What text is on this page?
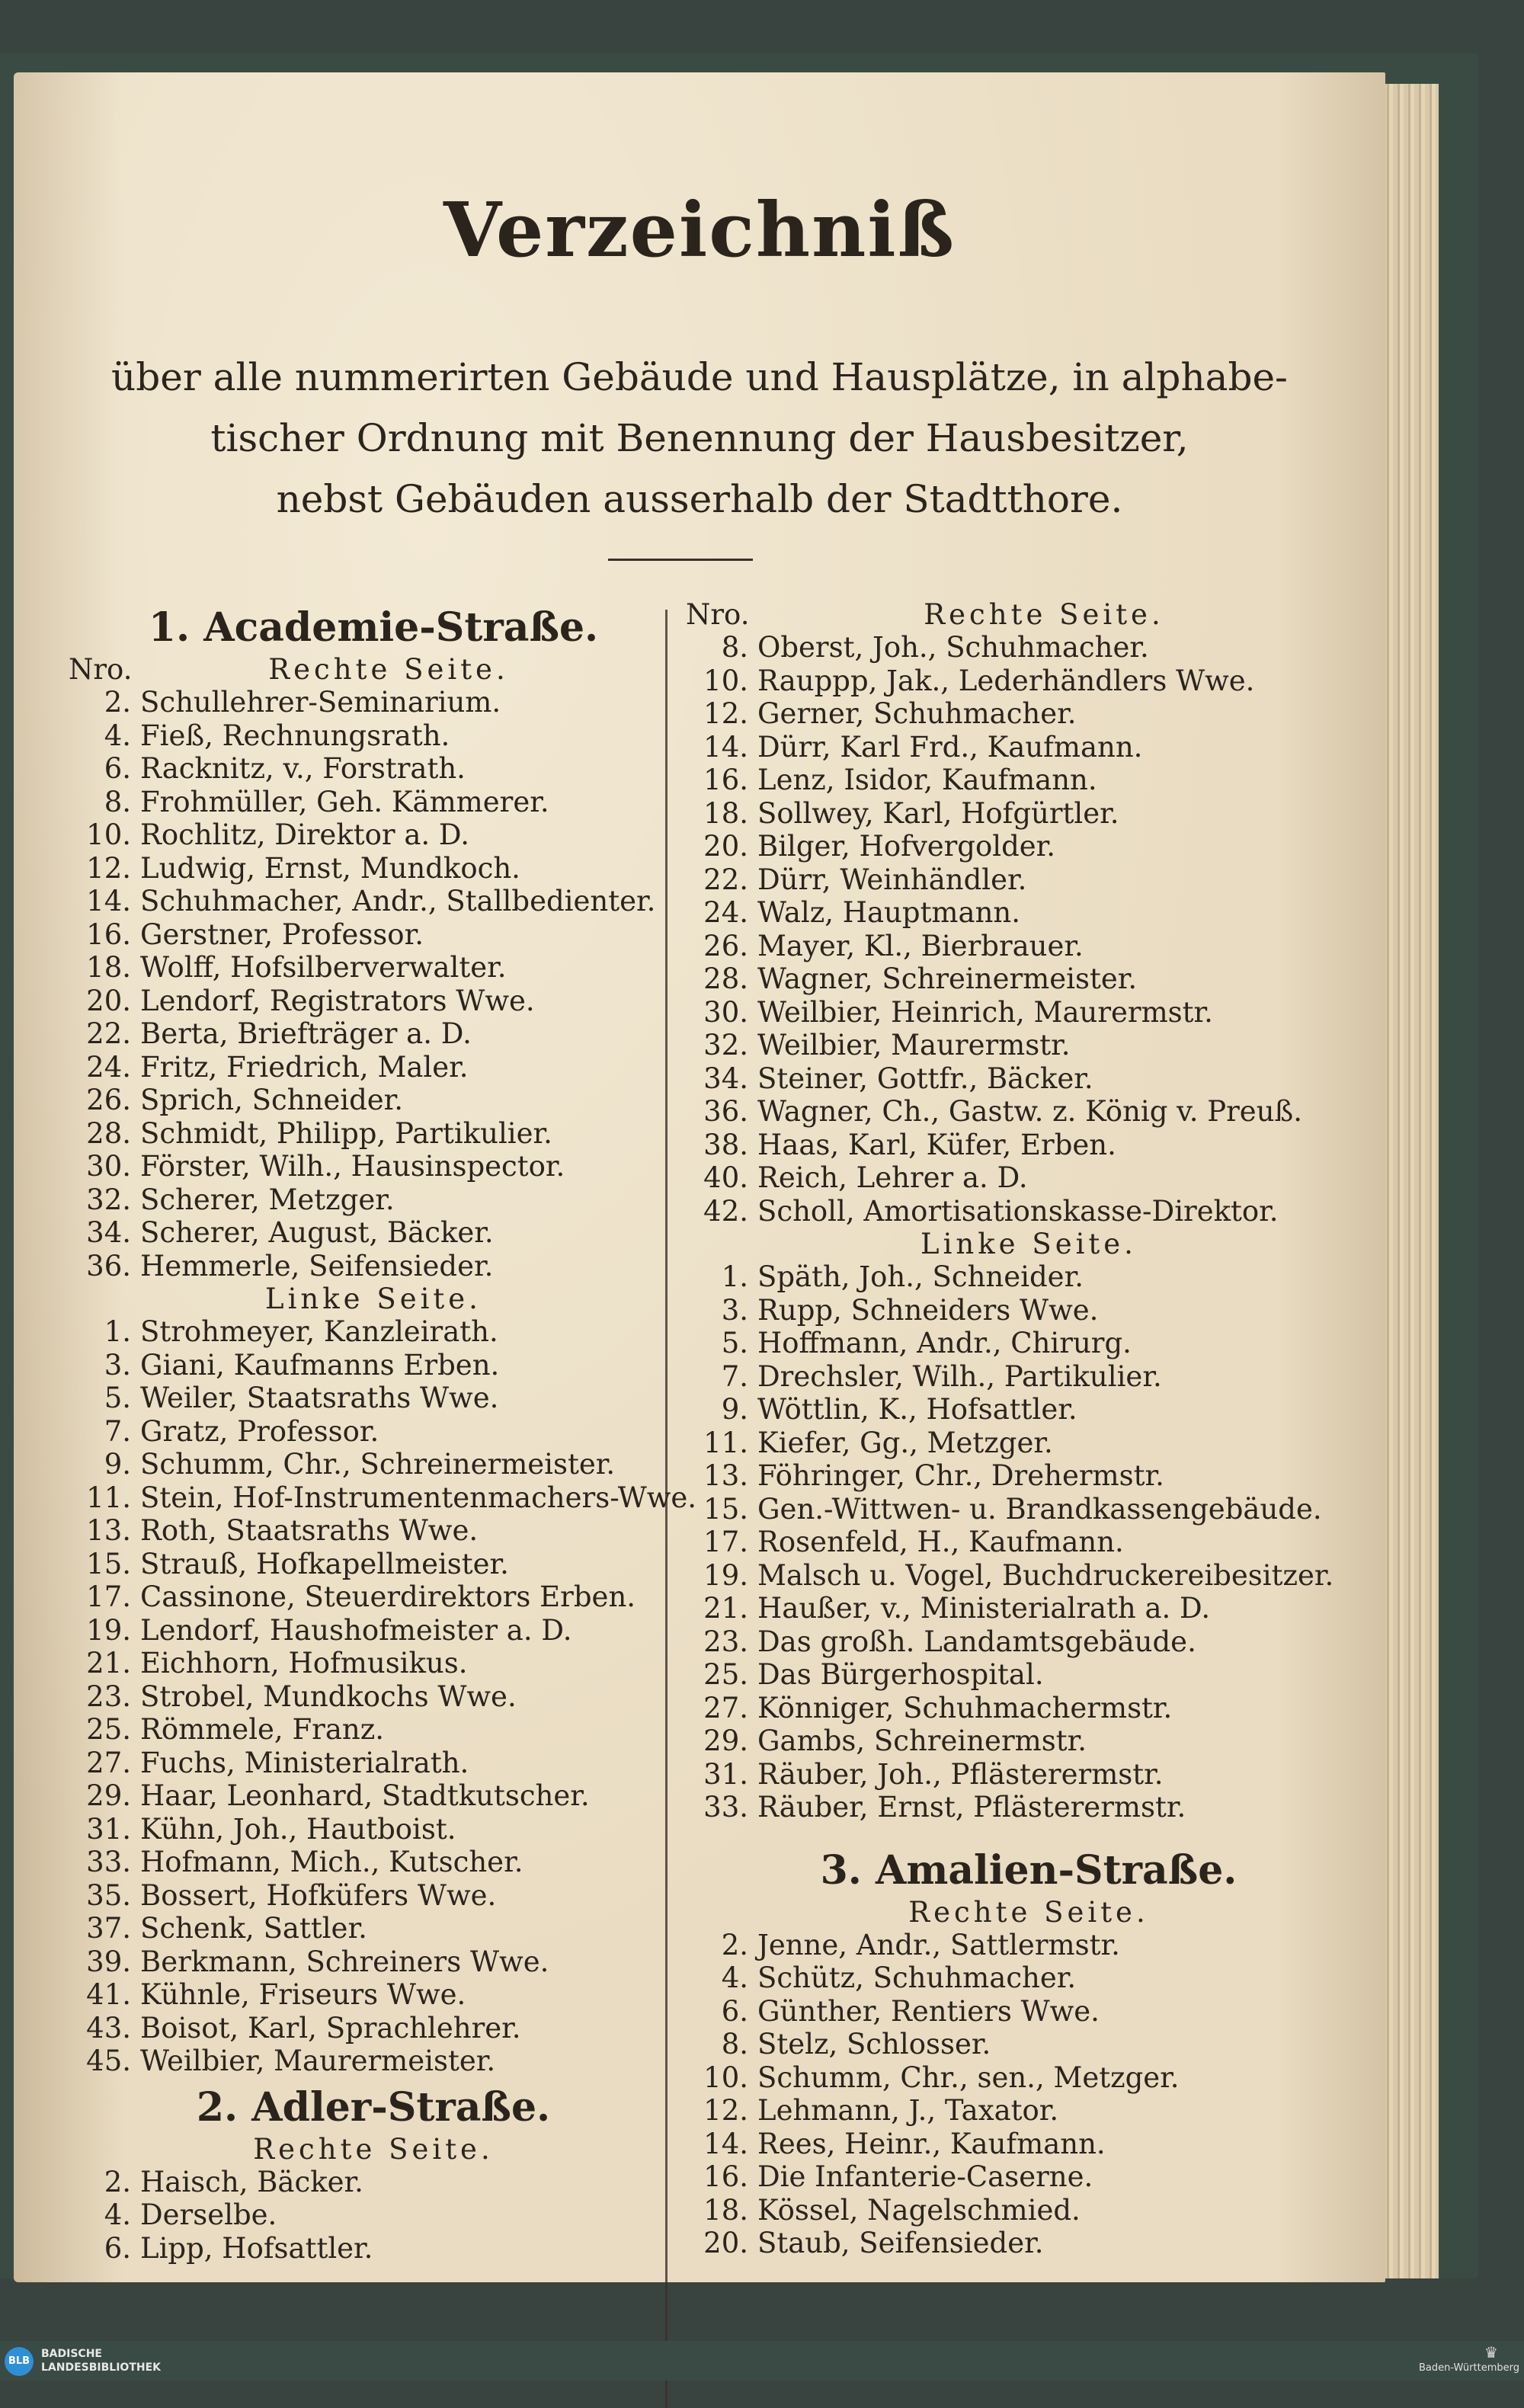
Verzeichniß
über alle nummerirten Gebäude und Hausplätze, in alphabe-
tischer Ordnung mit Benennung der Hausbesitzer,
nebst Gebäuden ausserhalb der Stadtthore.
1. Academie-Straße.
Nro.	Rechte Seite.
2. Schullehrer-Seminarium.
4. Fieß, Rechnungsrath.
6. Racknitz, v., Forstrath.
8. Frohmüller, Geh. Kämmerer.
10. Rochlitz, Direktor a. D.
12. Ludwig, Ernst, Mundkoch.
14. Schuhmacher, Andr., Stallbedienter.
16. Gerstner, Professor.
18. Wolff, Hofsilberverwalter.
20. Lendorf, Registrators Wwe.
22. Berta, Briefträger a. D.
24. Fritz, Friedrich, Maler.
26. Sprich, Schneider.
28. Schmidt, Philipp, Partikulier.
30. Förster, Wilh., Hausinspector.
32. Scherer, Metzger.
34. Scherer, August, Bäcker.
36. Hemmerle, Seifensieder.
Linke Seite.
1. Strohmeyer, Kanzleirath.
3. Giani, Kaufmanns Erben.
5. Weiler, Staatsraths Wwe.
7. Gratz, Professor.
9. Schumm, Chr., Schreinermeister.
11. Stein, Hof-Instrumentenmachers-Wwe.
13. Roth, Staatsraths Wwe.
15. Strauß, Hofkapellmeister.
17. Cassinone, Steuerdirektors Erben.
19. Lendorf, Haushofmeister a. D.
21. Eichhorn, Hofmusikus.
23. Strobel, Mundkochs Wwe.
25. Römmele, Franz.
27. Fuchs, Ministerialrath.
29. Haar, Leonhard, Stadtkutscher.
31. Kühn, Joh., Hautboist.
33. Hofmann, Mich., Kutscher.
35. Bossert, Hofküfers Wwe.
37. Schenk, Sattler.
39. Berkmann, Schreiners Wwe.
41. Kühnle, Friseurs Wwe.
43. Boisot, Karl, Sprachlehrer.
45. Weilbier, Maurermeister.
2. Adler-Straße.
Rechte Seite.
2. Haisch, Bäcker.
4. Derselbe.
6. Lipp, Hofsattler.
Nro.	Rechte Seite.
8. Oberst, Joh., Schuhmacher.
10. Rauppp, Jak., Lederhändlers Wwe.
12. Gerner, Schuhmacher.
14. Dürr, Karl Frd., Kaufmann.
16. Lenz, Isidor, Kaufmann.
18. Sollwey, Karl, Hofgürtler.
20. Bilger, Hofvergolder.
22. Dürr, Weinhändler.
24. Walz, Hauptmann.
26. Mayer, Kl., Bierbrauer.
28. Wagner, Schreinermeister.
30. Weilbier, Heinrich, Maurermstr.
32. Weilbier, Maurermstr.
34. Steiner, Gottfr., Bäcker.
36. Wagner, Ch., Gastw. z. König v. Preuß.
38. Haas, Karl, Küfer, Erben.
40. Reich, Lehrer a. D.
42. Scholl, Amortisationskasse-Direktor.
Linke Seite.
1. Späth, Joh., Schneider.
3. Rupp, Schneiders Wwe.
5. Hoffmann, Andr., Chirurg.
7. Drechsler, Wilh., Partikulier.
9. Wöttlin, K., Hofsattler.
11. Kiefer, Gg., Metzger.
13. Föhringer, Chr., Drehermstr.
15. Gen.-Wittwen- u. Brandkassengebäude.
17. Rosenfeld, H., Kaufmann.
19. Malsch u. Vogel, Buchdruckereibesitzer.
21. Haußer, v., Ministerialrath a. D.
23. Das großh. Landamtsgebäude.
25. Das Bürgerhospital.
27. Könniger, Schuhmachermstr.
29. Gambs, Schreinermstr.
31. Räuber, Joh., Pflästerermstr.
33. Räuber, Ernst, Pflästerermstr.
3. Amalien-Straße.
Rechte Seite.
2. Jenne, Andr., Sattlermstr.
4. Schütz, Schuhmacher.
6. Günther, Rentiers Wwe.
8. Stelz, Schlosser.
10. Schumm, Chr., sen., Metzger.
12. Lehmann, J., Taxator.
14. Rees, Heinr., Kaufmann.
16. Die Infanterie-Caserne.
18. Kössel, Nagelschmied.
20. Staub, Seifensieder.
BLB
BADISCHE
LANDESBIBLIOTHEK
♛
Baden-Württemberg
